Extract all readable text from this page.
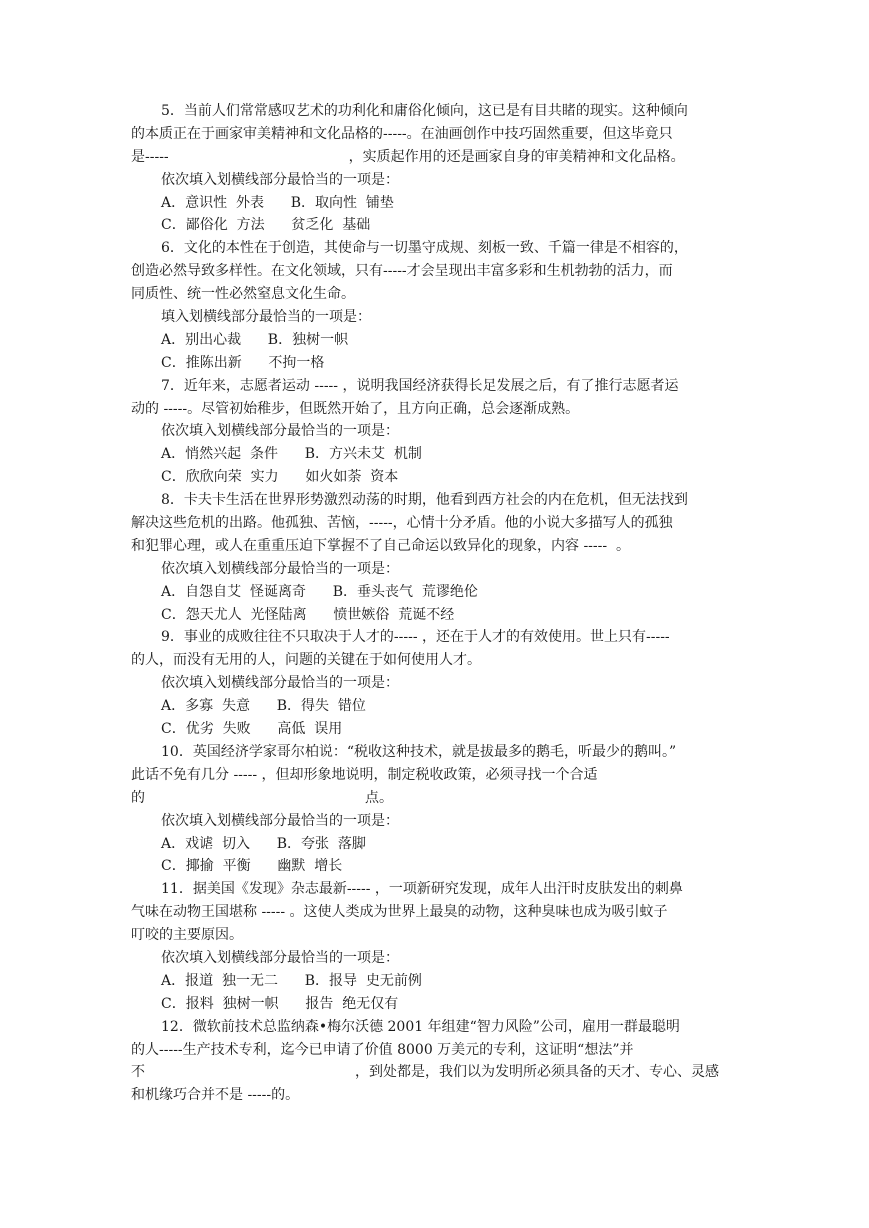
5．当前人们常常感叹艺术的功利化和庸俗化倾向，这已是有目共睹的现实。这种倾向
的本质正在于画家审美精神和文化品格的-----。在油画创作中技巧固然重要，但这毕竟只
是-----	，实质起作用的还是画家自身的审美精神和文化品格。
依次填入划横线部分最恰当的一项是：
A．意识性  外表      B．取向性  铺垫
C．鄙俗化  方法      贫乏化  基础
6．文化的本性在于创造，其使命与一切墨守成规、刻板一致、千篇一律是不相容的，
创造必然导致多样性。在文化领域，只有-----才会呈现出丰富多彩和生机勃勃的活力，而
同质性、统一性必然窒息文化生命。
填入划横线部分最恰当的一项是：
A．别出心裁      B．独树一帜
C．推陈出新      不拘一格
7．近年来，志愿者运动 ----- ，说明我国经济获得长足发展之后，有了推行志愿者运
动的 -----。尽管初始稚步，但既然开始了，且方向正确，总会逐渐成熟。
依次填入划横线部分最恰当的一项是：
A．悄然兴起  条件      B．方兴未艾  机制
C．欣欣向荣  实力      如火如荼  资本
8．卡夫卡生活在世界形势激烈动荡的时期，他看到西方社会的内在危机，但无法找到
解决这些危机的出路。他孤独、苦恼，-----，心情十分矛盾。他的小说大多描写人的孤独
和犯罪心理，或人在重重压迫下掌握不了自己命运以致异化的现象，内容 -----  。
依次填入划横线部分最恰当的一项是：
A．自怨自艾  怪诞离奇      B．垂头丧气  荒谬绝伦
C．怨天尤人  光怪陆离      愤世嫉俗  荒诞不经
9．事业的成败往往不只取决于人才的----- ，还在于人才的有效使用。世上只有-----
的人，而没有无用的人，问题的关键在于如何使用人才。
依次填入划横线部分最恰当的一项是：
A．多寡  失意      B．得失  错位
C．优劣  失败      高低  误用
10．英国经济学家哥尔柏说：“税收这种技术，就是拔最多的鹅毛，听最少的鹅叫。”
此话不免有几分 ----- ，但却形象地说明，制定税收政策，必须寻找一个合适
的	点。
依次填入划横线部分最恰当的一项是：
A．戏谑  切入      B．夸张  落脚
C．揶揄  平衡      幽默  增长
11．据美国《发现》杂志最新----- ，一项新研究发现，成年人出汗时皮肤发出的刺鼻
气味在动物王国堪称 ----- 。这使人类成为世界上最臭的动物，这种臭味也成为吸引蚊子
叮咬的主要原因。
依次填入划横线部分最恰当的一项是：
A．报道  独一无二      B．报导  史无前例
C．报料  独树一帜      报告  绝无仅有
12．微软前技术总监纳森•梅尔沃德 2001 年组建“智力风险”公司，雇用一群最聪明
的人-----生产技术专利，迄今已申请了价值 8000 万美元的专利，这证明“想法”并
不	，到处都是，我们以为发明所必须具备的天才、专心、灵感
和机缘巧合并不是 -----的。
